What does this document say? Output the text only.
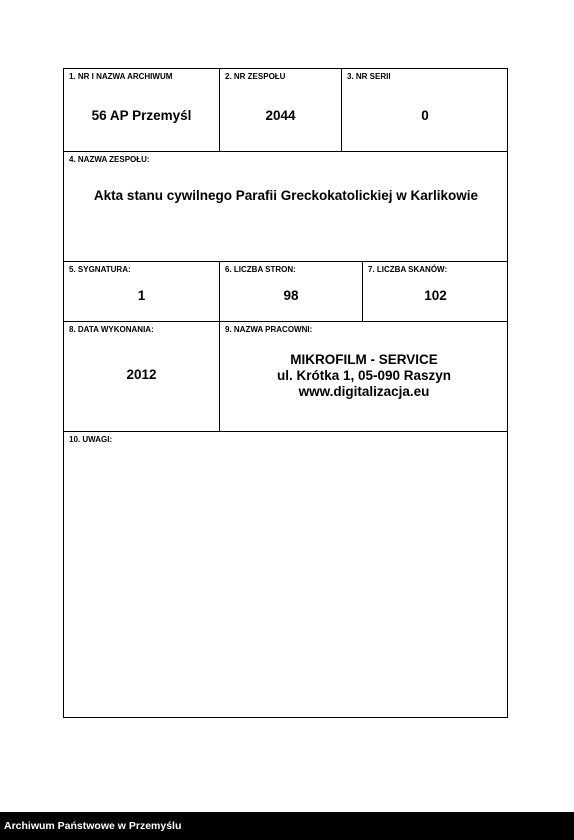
1. NR I NAZWA ARCHIWUM
56 AP Przemyśl
2. NR ZESPOŁU
2044
3. NR SERII
0
4. NAZWA ZESPOŁU:
Akta stanu cywilnego Parafii Greckokatolickiej w Karlikowie
5. SYGNATURA:
1
6. LICZBA STRON:
98
7. LICZBA SKANÓW:
102
8. DATA WYKONANIA:
2012
9. NAZWA PRACOWNI:
MIKROFILM - SERVICE
ul. Krótka 1, 05-090 Raszyn
www.digitalizacja.eu
10. UWAGI:
Archiwum Państwowe w Przemyślu
